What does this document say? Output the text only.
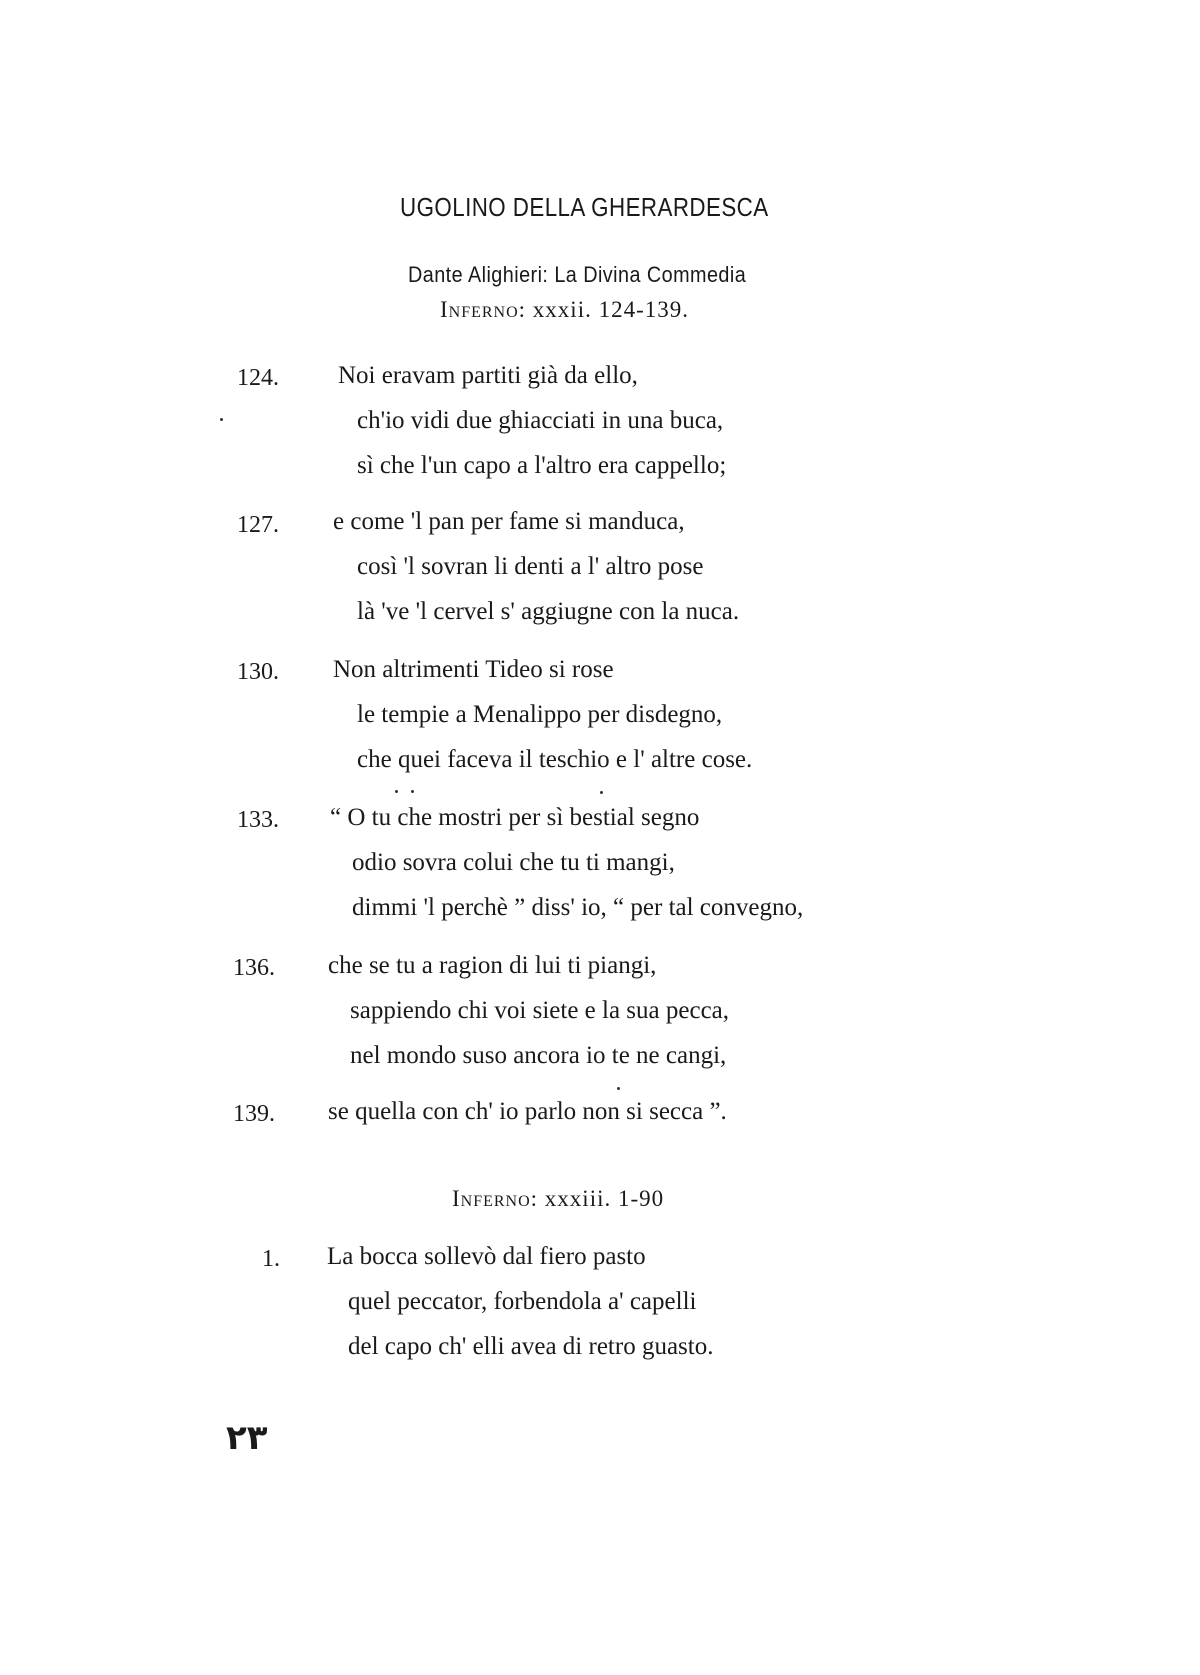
UGOLINO DELLA GHERARDESCA
Dante Alighieri: La Divina Commedia
Inferno: xxxii. 124-139.
124. Noi eravam partiti già da ello,
ch'io vidi due ghiacciati in una buca,
sì che l'un capo a l'altro era cappello;
127. e come 'l pan per fame si manduca,
così 'l sovran li denti a l' altro pose
là 've 'l cervel s' aggiugne con la nuca.
130. Non altrimenti Tideo si rose
le tempie a Menalippo per disdegno,
che quei faceva il teschio e l' altre cose.
133. “ O tu che mostri per sì bestial segno
odio sovra colui che tu ti mangi,
dimmi 'l perchè ” diss' io, “ per tal convegno,
136. che se tu a ragion di lui ti piangi,
sappiendo chi voi siete e la sua pecca,
nel mondo suso ancora io te ne cangi,
139. se quella con ch' io parlo non si secca ”.
Inferno: xxxiii. 1-90
1. La bocca sollevò dal fiero pasto
quel peccator, forbendola a' capelli
del capo ch' elli avea di retro guasto.
٢٣
